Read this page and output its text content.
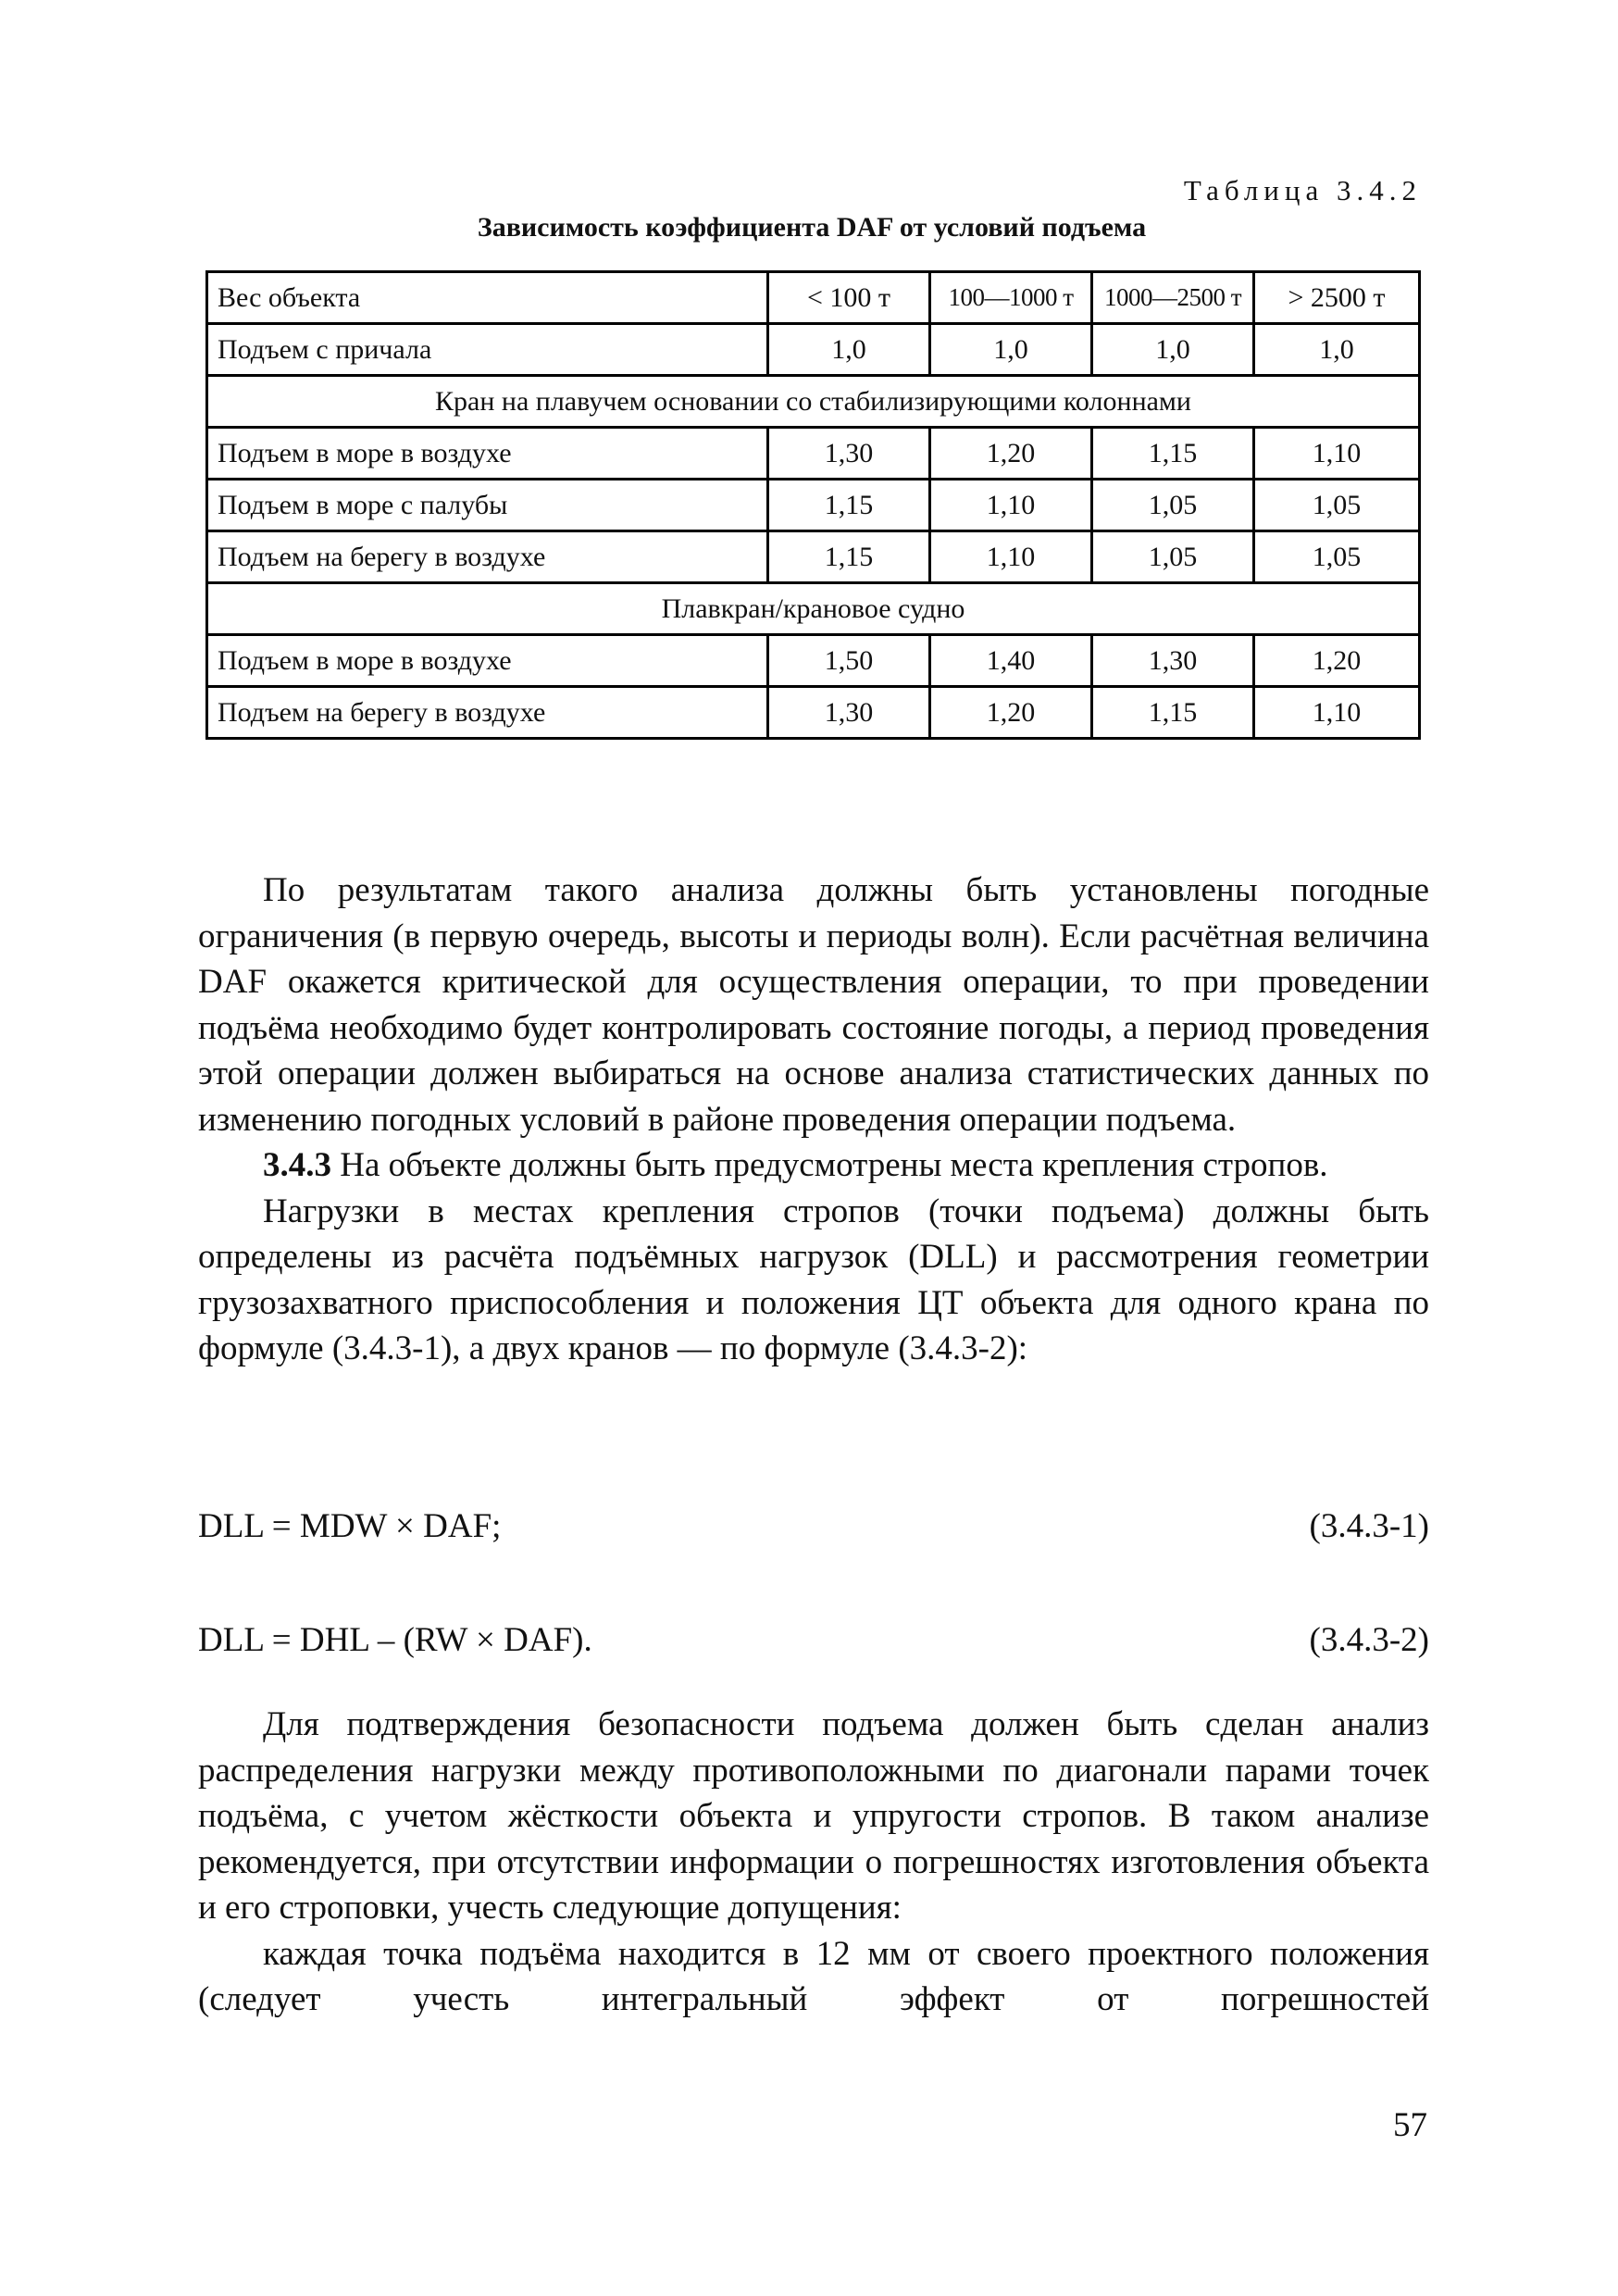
Таблица 3.4.2
Зависимость коэффициента DAF от условий подъема
Вес объекта	< 100 т	100—1000 т	1000—2500 т	> 2500 т
Подъем с причала	1,0	1,0	1,0	1,0
Кран на плавучем основании со стабилизирующими колоннами				
Подъем в море в воздухе	1,30	1,20	1,15	1,10
Подъем в море с палубы	1,15	1,10	1,05	1,05
Подъем на берегу в воздухе	1,15	1,10	1,05	1,05
Плавкран/крановое судно				
Подъем в море в воздухе	1,50	1,40	1,30	1,20
Подъем на берегу в воздухе	1,30	1,20	1,15	1,10

По результатам такого анализа должны быть установлены погодные ограничения (в первую очередь, высоты и периоды волн). Если расчётная величина DAF окажется критической для осуществления операции, то при проведении подъёма необходимо будет контролировать состояние погоды, а период проведения этой операции должен выбираться на основе анализа статистических данных по изменению погодных условий в районе проведения операции подъема.

3.4.3 На объекте должны быть предусмотрены места крепления стропов.

Нагрузки в местах крепления стропов (точки подъема) должны быть определены из расчёта подъёмных нагрузок (DLL) и рассмотрения геометрии грузозахватного приспособления и положения ЦТ объекта для одного крана по формуле (3.4.3-1), а двух кранов — по формуле (3.4.3-2):

DLL = MDW × DAF;	(3.4.3-1)
DLL = DHL – (RW × DAF).	(3.4.3-2)

Для подтверждения безопасности подъема должен быть сделан анализ распределения нагрузки между противоположными по диагонали парами точек подъёма, с учетом жёсткости объекта и упругости стропов. В таком анализе рекомендуется, при отсутствии информации о погрешностях изготовления объекта и его строповки, учесть следующие допущения:

каждая точка подъёма находится в 12 мм от своего проектного положения (следует учесть интегральный эффект от погрешностей

57
